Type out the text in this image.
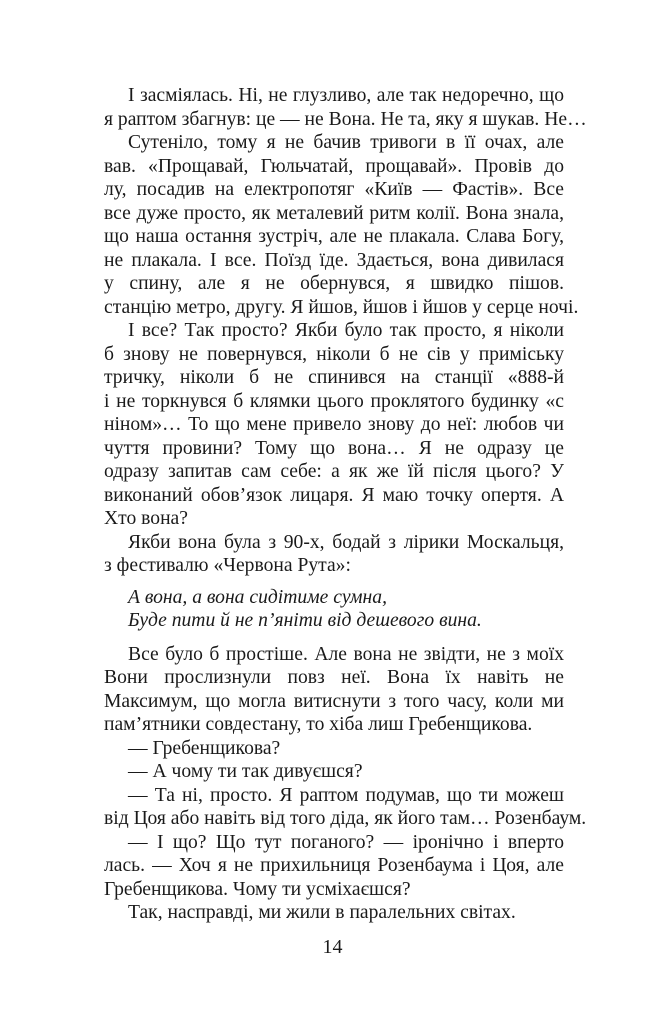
І засміялась. Ні, не глузливо, але так недоречно, що
я раптом збагнув: це — не Вона. Не та, яку я шукав. Не…
Сутеніло, тому я не бачив тривоги в її очах, але
вав. «Прощавай, Гюльчатай, прощавай». Провів до
лу, посадив на електропотяг «Київ — Фастів». Все
все дуже просто, як металевий ритм колії. Вона знала,
що наша остання зустріч, але не плакала. Слава Богу,
не плакала. І все. Поїзд їде. Здається, вона дивилася
у спину, але я не обернувся, я швидко пішов.
станцію метро, другу. Я йшов, йшов і йшов у серце ночі.
І все? Так просто? Якби було так просто, я ніколи
б знову не повернувся, ніколи б не сів у приміську
тричку, ніколи б не спинився на станції «888-й
і не торкнувся б клямки цього проклятого будинку «с
ніном»… То що мене привело знову до неї: любов чи
чуття провини? Тому що вона… Я не одразу це
одразу запитав сам себе: а як же їй після цього? У
виконаний обов’язок лицаря. Я маю точку опертя. А
Хто вона?
Якби вона була з 90-х, бодай з лірики Москальця,
з фестивалю «Червона Рута»:
А вона, а вона сидітиме сумна,
Буде пити й не п’яніти від дешевого вина.
Все було б простіше. Але вона не звідти, не з моїх
Вони прослизнули повз неї. Вона їх навіть не
Максимум, що могла витиснути з того часу, коли ми
пам’ятники совдестану, то хіба лиш Гребенщикова.
— Гребенщикова?
— А чому ти так дивуєшся?
— Та ні, просто. Я раптом подумав, що ти можеш
від Цоя або навіть від того діда, як його там… Розенбаум.
— І що? Що тут поганого? — іронічно і вперто
лась. — Хоч я не прихильниця Розенбаума і Цоя, але
Гребенщикова. Чому ти усміхаєшся?
Так, насправді, ми жили в паралельних світах.
14
